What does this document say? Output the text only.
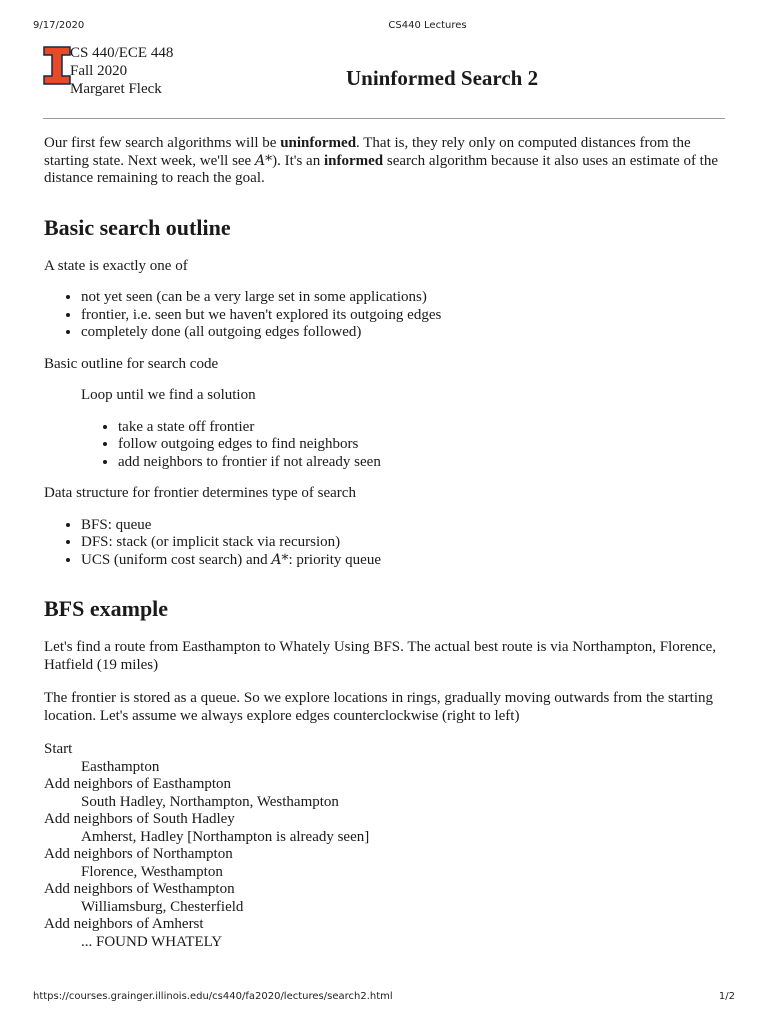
9/17/2020	CS440 Lectures
CS 440/ECE 448
Fall 2020
Margaret Fleck	Uninformed Search 2

Our first few search algorithms will be uninformed. That is, they rely only on computed distances from the starting state. Next week, we'll see A*). It's an informed search algorithm because it also uses an estimate of the distance remaining to reach the goal.

Basic search outline

A state is exactly one of

• not yet seen (can be a very large set in some applications)
• frontier, i.e. seen but we haven't explored its outgoing edges
• completely done (all outgoing edges followed)

Basic outline for search code

Loop until we find a solution

• take a state off frontier
• follow outgoing edges to find neighbors
• add neighbors to frontier if not already seen

Data structure for frontier determines type of search

• BFS: queue
• DFS: stack (or implicit stack via recursion)
• UCS (uniform cost search) and A*: priority queue
BFS example

Let's find a route from Easthampton to Whately Using BFS. The actual best route is via Northampton, Florence, Hatfield (19 miles)

The frontier is stored as a queue. So we explore locations in rings, gradually moving outwards from the starting location. Let's assume we always explore edges counterclockwise (right to left)

Start
Easthampton
Add neighbors of Easthampton
South Hadley, Northampton, Westhampton
Add neighbors of South Hadley
Amherst, Hadley [Northampton is already seen]
Add neighbors of Northampton
Florence, Westhampton
Add neighbors of Westhampton
Williamsburg, Chesterfield
Add neighbors of Amherst
... FOUND WHATELY
https://courses.grainger.illinois.edu/cs440/fa2020/lectures/search2.html	1/2
